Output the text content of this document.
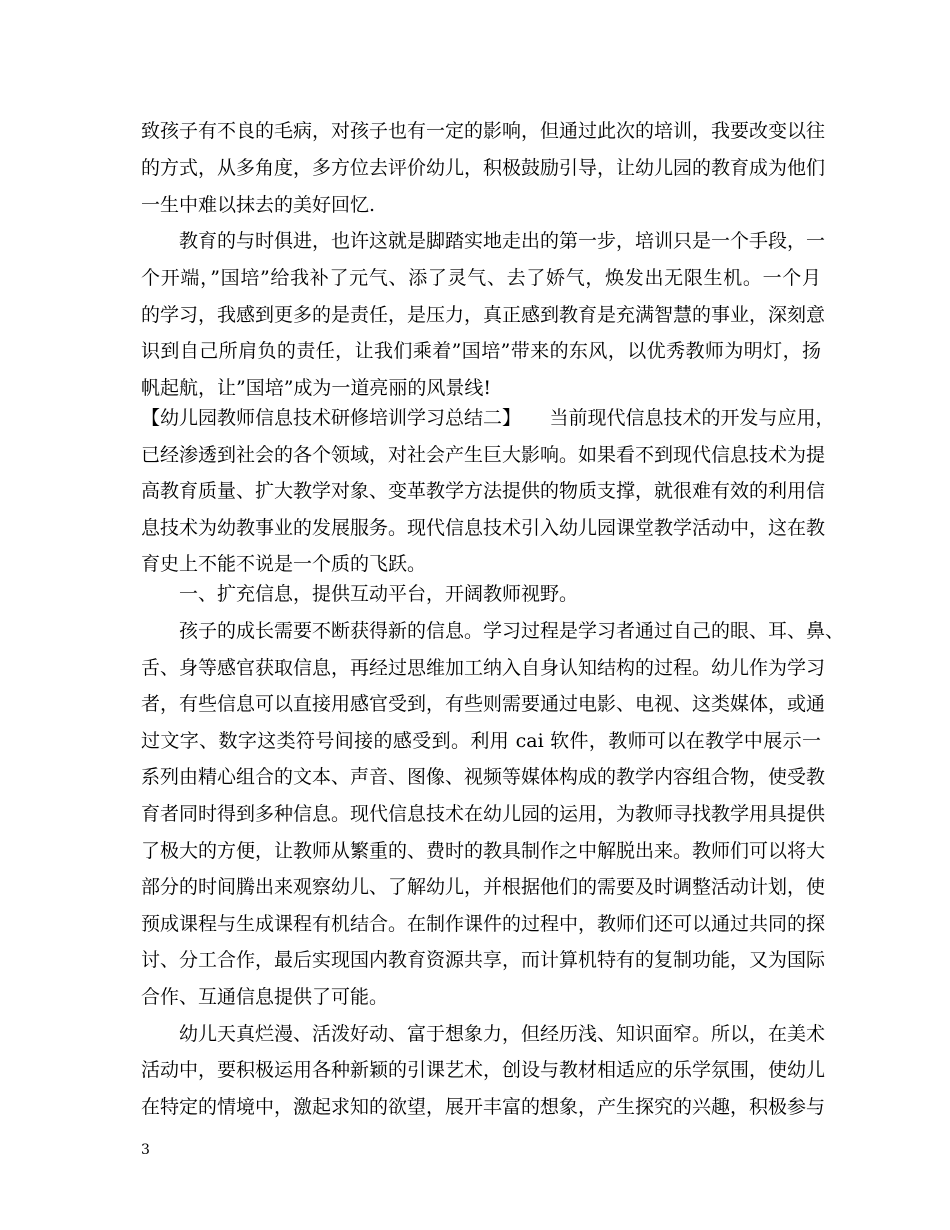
致孩子有不良的毛病，对孩子也有一定的影响，但通过此次的培训，我要改变以往
的方式，从多角度，多方位去评价幼儿，积极鼓励引导，让幼儿园的教育成为他们
一生中难以抹去的美好回忆.
教育的与时俱进，也许这就是脚踏实地走出的第一步，培训只是一个手段，一
个开端，”国培”给我补了元气、添了灵气、去了娇气，焕发出无限生机。一个月
的学习，我感到更多的是责任，是压力，真正感到教育是充满智慧的事业，深刻意
识到自己所肩负的责任，让我们乘着”国培”带来的东风，以优秀教师为明灯，扬
帆起航，让”国培”成为一道亮丽的风景线!
【幼儿园教师信息技术研修培训学习总结二】　　当前现代信息技术的开发与应用，
已经渗透到社会的各个领域，对社会产生巨大影响。如果看不到现代信息技术为提
高教育质量、扩大教学对象、变革教学方法提供的物质支撑，就很难有效的利用信
息技术为幼教事业的发展服务。现代信息技术引入幼儿园课堂教学活动中，这在教
育史上不能不说是一个质的飞跃。
一、扩充信息，提供互动平台，开阔教师视野。
孩子的成长需要不断获得新的信息。学习过程是学习者通过自己的眼、耳、鼻、
舌、身等感官获取信息，再经过思维加工纳入自身认知结构的过程。幼儿作为学习
者，有些信息可以直接用感官受到，有些则需要通过电影、电视、这类媒体，或通
过文字、数字这类符号间接的感受到。利用 cai 软件，教师可以在教学中展示一
系列由精心组合的文本、声音、图像、视频等媒体构成的教学内容组合物，使受教
育者同时得到多种信息。现代信息技术在幼儿园的运用，为教师寻找教学用具提供
了极大的方便，让教师从繁重的、费时的教具制作之中解脱出来。教师们可以将大
部分的时间腾出来观察幼儿、了解幼儿，并根据他们的需要及时调整活动计划，使
预成课程与生成课程有机结合。在制作课件的过程中，教师们还可以通过共同的探
讨、分工合作，最后实现国内教育资源共享，而计算机特有的复制功能，又为国际
合作、互通信息提供了可能。
幼儿天真烂漫、活泼好动、富于想象力，但经历浅、知识面窄。所以，在美术
活动中，要积极运用各种新颖的引课艺术，创设与教材相适应的乐学氛围，使幼儿
在特定的情境中，激起求知的欲望，展开丰富的想象，产生探究的兴趣，积极参与
3
